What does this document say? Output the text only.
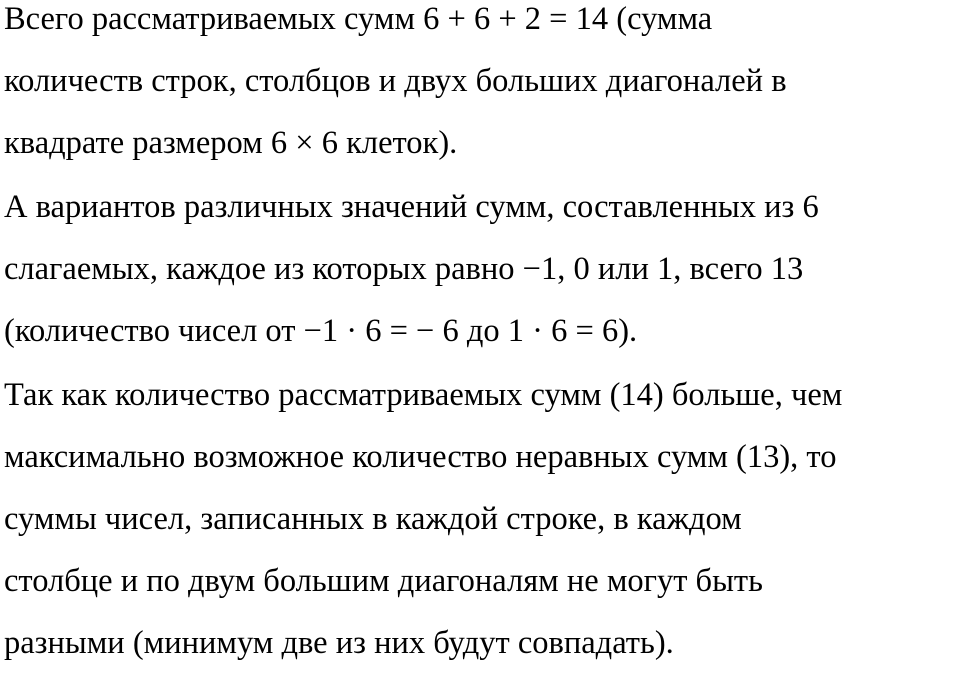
Всего рассматриваемых сумм 6 + 6 + 2 = 14 (сумма
количеств строк, столбцов и двух больших диагоналей в
квадрате размером 6 × 6 клеток).
А вариантов различных значений сумм, составленных из 6
слагаемых, каждое из которых равно −1, 0 или 1, всего 13
(количество чисел от −1 · 6 = − 6 до 1 · 6 = 6).
Так как количество рассматриваемых сумм (14) больше, чем
максимально возможное количество неравных сумм (13), то
суммы чисел, записанных в каждой строке, в каждом
столбце и по двум большим диагоналям не могут быть
разными (минимум две из них будут совпадать).
